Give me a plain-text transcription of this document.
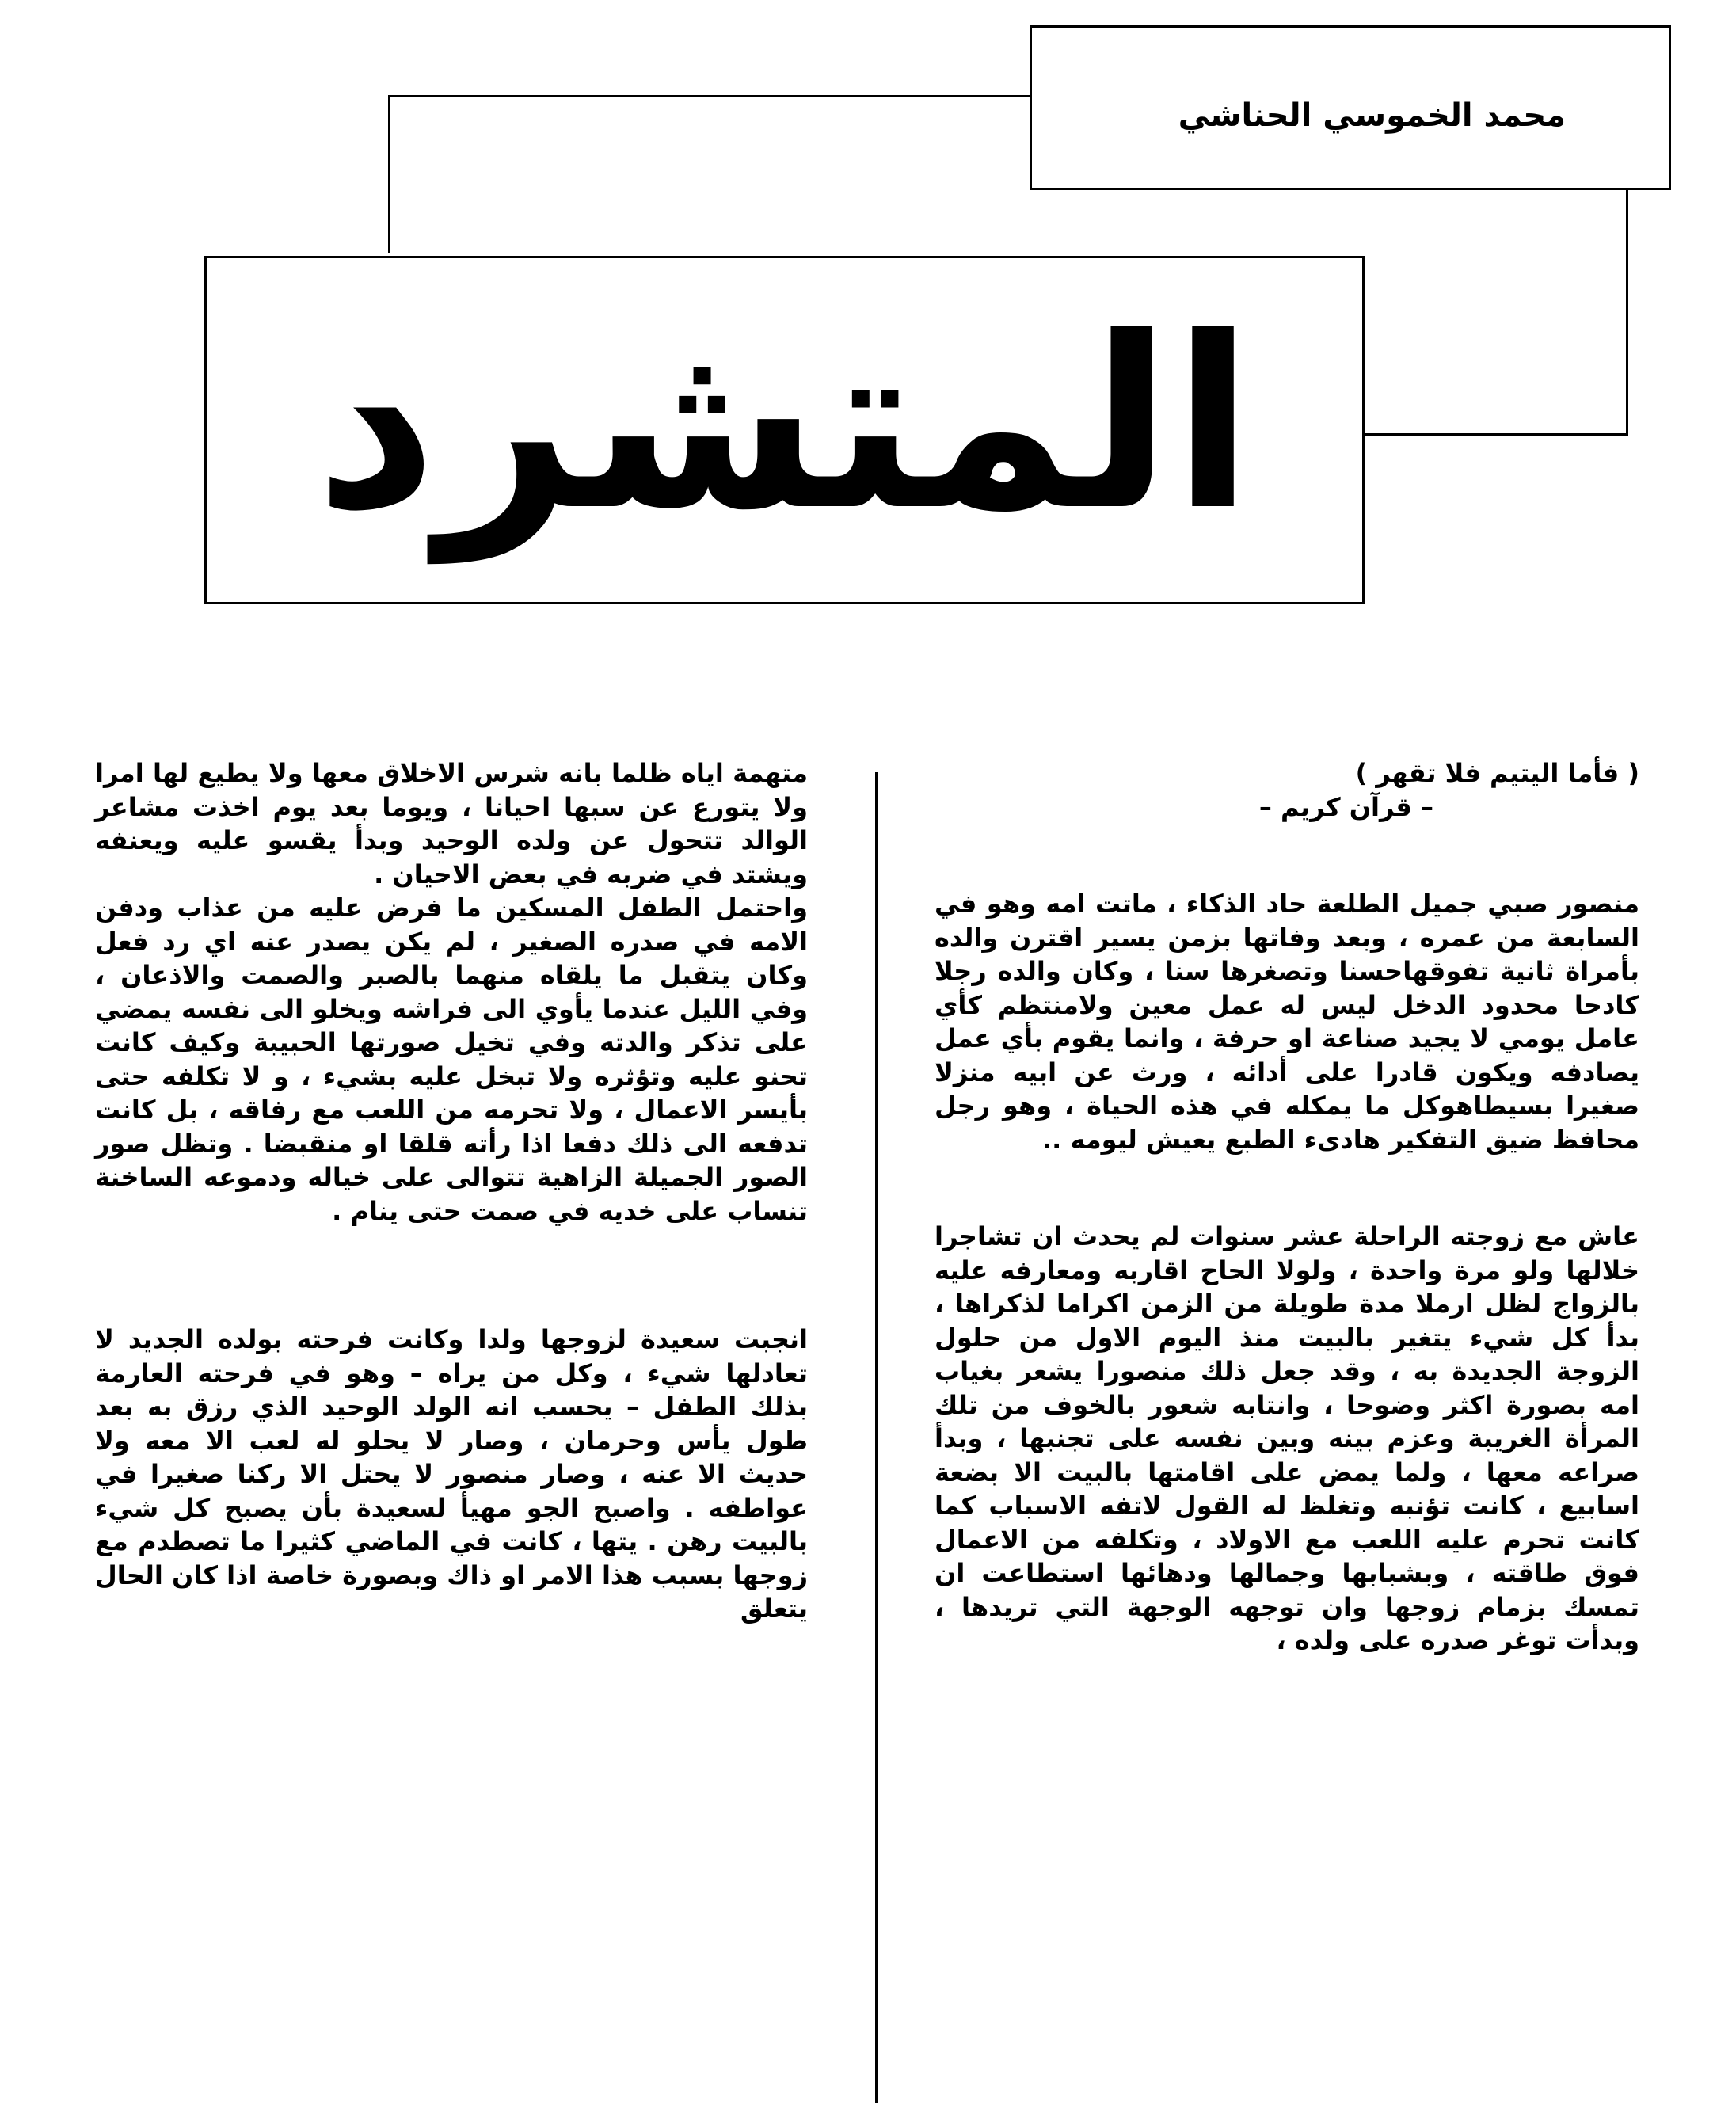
محمد الخموسي الحناشي
المتشرد

( فأما اليتيم فلا تقهر )

– قرآن كريم –

منصور صبي جميل الطلعة حاد الذكاء ، ماتت امه وهو في السابعة من عمره ، وبعد وفاتها بزمن يسير اقترن والده بأمراة ثانية تفوقهاحسنا وتصغرها سنا ، وكان والده رجلا كادحا محدود الدخل ليس له عمل معين ولامنتظم كأي عامل يومي لا يجيد صناعة او حرفة ، وانما يقوم بأي عمل يصادفه ويكون قادرا على أدائه ، ورث عن ابيه منزلا صغيرا بسيطاهوكل ما يمكله في هذه الحياة ، وهو رجل محافظ ضيق التفكير هادىء الطبع يعيش ليومه ..

عاش مع زوجته الراحلة عشر سنوات لم يحدث ان تشاجرا خلالها ولو مرة واحدة ، ولولا الحاح اقاربه ومعارفه عليه بالزواج لظل ارملا مدة طويلة من الزمن اكراما لذكراها ، بدأ كل شيء يتغير بالبيت منذ اليوم الاول من حلول الزوجة الجديدة به ، وقد جعل ذلك منصورا يشعر بغياب امه بصورة اكثر وضوحا ، وانتابه شعور بالخوف من تلك المرأة الغريبة وعزم بينه وبين نفسه على تجنبها ، وبدأ صراعه معها ، ولما يمض على اقامتها بالبيت الا بضعة اسابيع ، كانت تؤنبه وتغلظ له القول لاتفه الاسباب كما كانت تحرم عليه اللعب مع الاولاد ، وتكلفه من الاعمال فوق طاقته ، وبشبابها وجمالها ودهائها استطاعت ان تمسك بزمام زوجها وان توجهه الوجهة التي تريدها ، وبدأت توغر صدره على ولده ،

متهمة اياه ظلما بانه شرس الاخلاق معها ولا يطيع لها امرا ولا يتورع عن سبها احيانا ، ويوما بعد يوم اخذت مشاعر الوالد تتحول عن ولده الوحيد وبدأ يقسو عليه ويعنفه ويشتد في ضربه في بعض الاحيان .

واحتمل الطفل المسكين ما فرض عليه من عذاب ودفن الامه في صدره الصغير ، لم يكن يصدر عنه اي رد فعل وكان يتقبل ما يلقاه منهما بالصبر والصمت والاذعان ، وفي الليل عندما يأوي الى فراشه ويخلو الى نفسه يمضي على تذكر والدته وفي تخيل صورتها الحبيبة وكيف كانت تحنو عليه وتؤثره ولا تبخل عليه بشيء ، و لا تكلفه حتى بأيسر الاعمال ، ولا تحرمه من اللعب مع رفاقه ، بل كانت تدفعه الى ذلك دفعا اذا رأته قلقا او منقبضا . وتظل صور الصور الجميلة الزاهية تتوالى على خياله ودموعه الساخنة تنساب على خديه في صمت حتى ينام .

انجبت سعيدة لزوجها ولدا وكانت فرحته بولده الجديد لا تعادلها شيء ، وكل من يراه – وهو في فرحته العارمة بذلك الطفل – يحسب انه الولد الوحيد الذي رزق به بعد طول يأس وحرمان ، وصار لا يحلو له لعب الا معه ولا حديث الا عنه ، وصار منصور لا يحتل الا ركنا صغيرا في عواطفه . واصبح الجو مهيأ لسعيدة بأن يصبح كل شيء بالبيت رهن . يتها ، كانت في الماضي كثيرا ما تصطدم مع زوجها بسبب هذا الامر او ذاك وبصورة خاصة اذا كان الحال يتعلق
